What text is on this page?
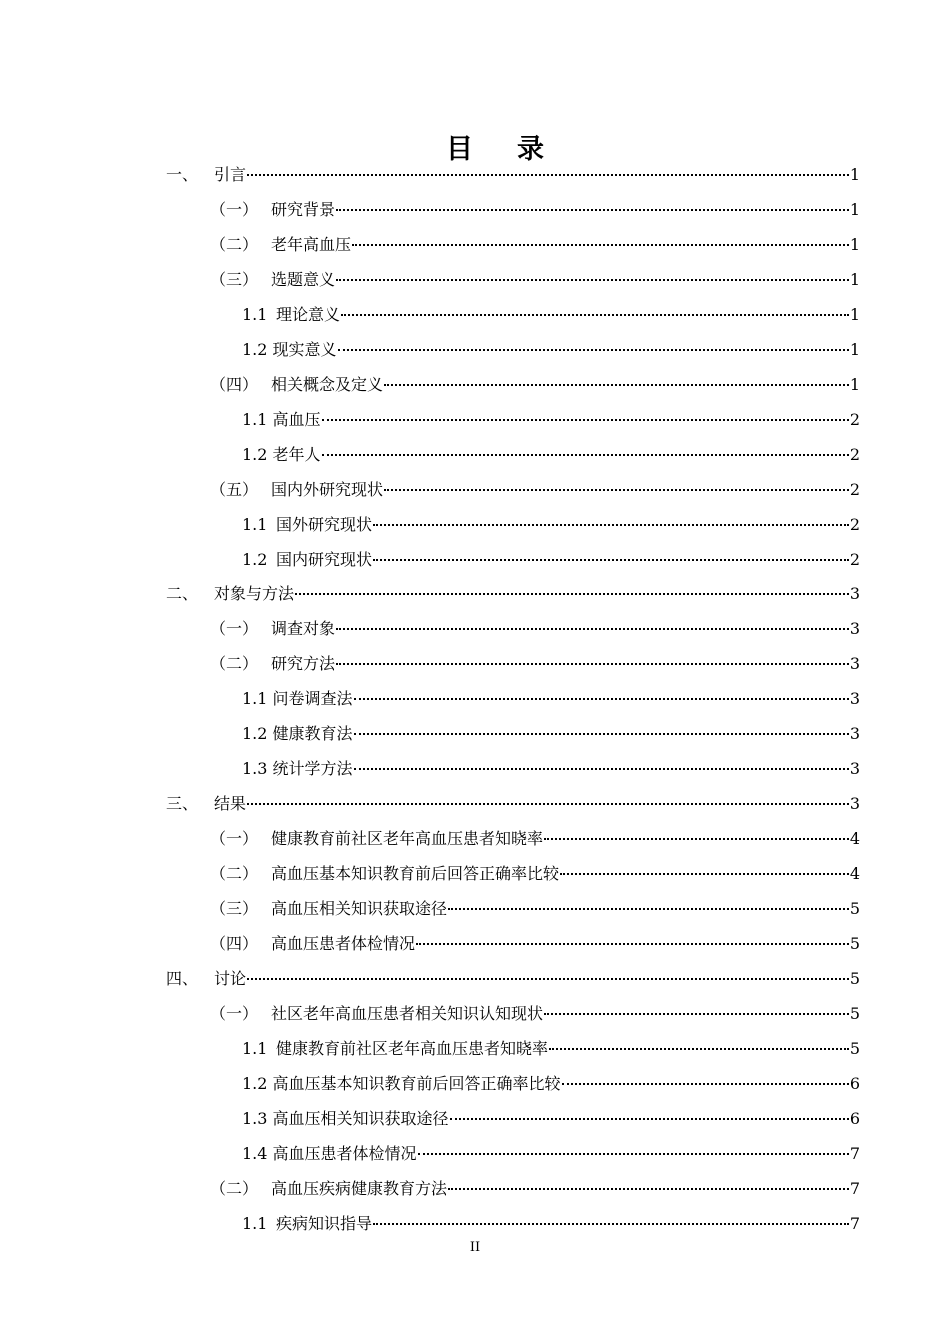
目 录
一、 引言	1
（一） 研究背景	1
（二） 老年高血压	1
（三） 选题意义	1
1.1 理论意义	1
1.2 现实意义	1
（四） 相关概念及定义	1
1.1 高血压	2
1.2 老年人	2
（五） 国内外研究现状	2
1.1 国外研究现状	2
1.2 国内研究现状	2
二、 对象与方法	3
（一） 调查对象	3
（二） 研究方法	3
1.1 问卷调查法	3
1.2 健康教育法	3
1.3 统计学方法	3
三、 结果	3
（一） 健康教育前社区老年高血压患者知晓率	4
（二） 高血压基本知识教育前后回答正确率比较	4
（三） 高血压相关知识获取途径	5
（四） 高血压患者体检情况	5
四、 讨论	5
（一） 社区老年高血压患者相关知识认知现状	5
1.1 健康教育前社区老年高血压患者知晓率	5
1.2 高血压基本知识教育前后回答正确率比较	6
1.3 高血压相关知识获取途径	6
1.4 高血压患者体检情况	7
（二） 高血压疾病健康教育方法	7
1.1 疾病知识指导	7
II
